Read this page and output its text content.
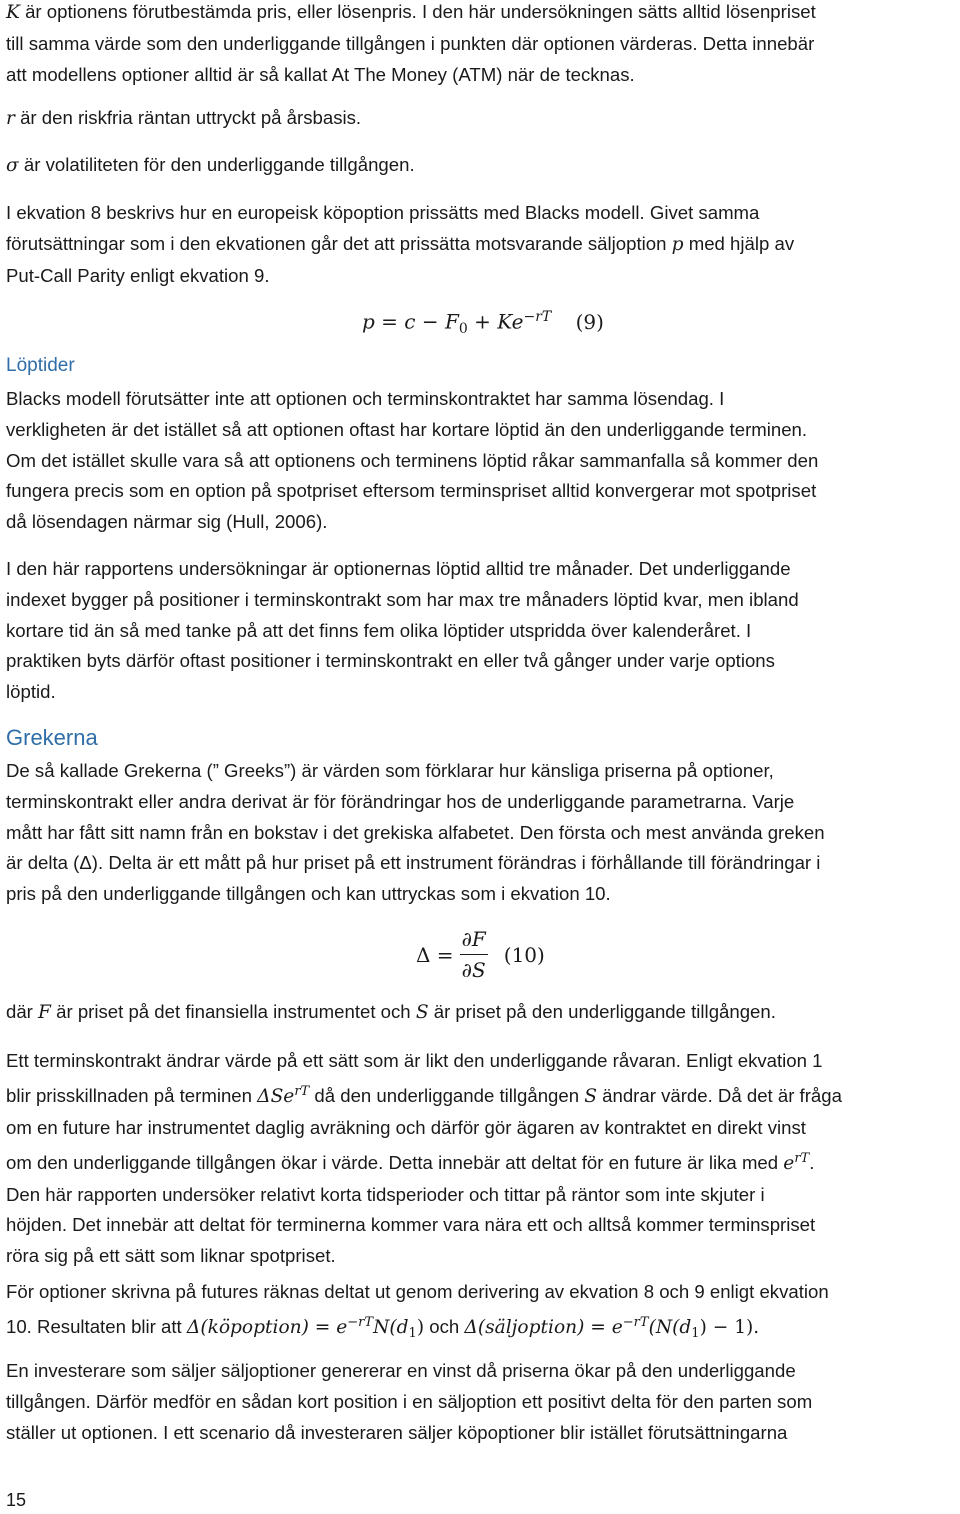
K är optionens förutbestämda pris, eller lösenpris. I den här undersökningen sätts alltid lösenpriset

till samma värde som den underliggande tillgången i punkten där optionen värderas. Detta innebär

att modellens optioner alltid är så kallat At The Money (ATM) när de tecknas.

r är den riskfria räntan uttryckt på årsbasis.

σ är volatiliteten för den underliggande tillgången.

I ekvation 8 beskrivs hur en europeisk köpoption prissätts med Blacks modell. Givet samma

förutsättningar som i den ekvationen går det att prissätta motsvarande säljoption p med hjälp av

Put-Call Parity enligt ekvation 9.

$p = c - F_0 + Ke^{-rT}$ (9)
Löptider

Blacks modell förutsätter inte att optionen och terminskontraktet har samma lösendag. I

verkligheten är det istället så att optionen oftast har kortare löptid än den underliggande terminen.

Om det istället skulle vara så att optionens och terminens löptid råkar sammanfalla så kommer den

fungera precis som en option på spotpriset eftersom terminspriset alltid konvergerar mot spotpriset

då lösendagen närmar sig (Hull, 2006).

I den här rapportens undersökningar är optionernas löptid alltid tre månader. Det underliggande

indexet bygger på positioner i terminskontrakt som har max tre månaders löptid kvar, men ibland

kortare tid än så med tanke på att det finns fem olika löptider utspridda över kalenderåret. I

praktiken byts därför oftast positioner i terminskontrakt en eller två gånger under varje options

löptid.

Grekerna

De så kallade Grekerna (” Greeks”) är värden som förklarar hur känsliga priserna på optioner,

terminskontrakt eller andra derivat är för förändringar hos de underliggande parametrarna. Varje

mått har fått sitt namn från en bokstav i det grekiska alfabetet. Den första och mest använda greken

är delta (Δ). Delta är ett mått på hur priset på ett instrument förändras i förhållande till förändringar i

pris på den underliggande tillgången och kan uttryckas som i ekvation 10.

$\Delta = \frac{\partial F}{\partial S} (10)$

där F är priset på det finansiella instrumentet och S är priset på den underliggande tillgången.

Ett terminskontrakt ändrar värde på ett sätt som är likt den underliggande råvaran. Enligt ekvation 1

blir prisskillnaden på terminen ΔSe$^{rT}$ då den underliggande tillgången S ändrar värde. Då det är fråga

om en future har instrumentet daglig avräkning och därför gör ägaren av kontraktet en direkt vinst

om den underliggande tillgången ökar i värde. Detta innebär att deltat för en future är lika med $e^{rT}$.

Den här rapporten undersöker relativt korta tidsperioder och tittar på räntor som inte skjuter i

höjden. Det innebär att deltat för terminerna kommer vara nära ett och alltså kommer terminspriset

röra sig på ett sätt som liknar spotpriset.

För optioner skrivna på futures räknas deltat ut genom derivering av ekvation 8 och 9 enligt ekvation

10. Resultaten blir att Δ(köpoption) = $e^{-rT}N(d_1)$ och Δ(säljoption) = $e^{-rT}(N(d_1) - 1)$.

En investerare som säljer säljoptioner genererar en vinst då priserna ökar på den underliggande

tillgången. Därför medför en sådan kort position i en säljoption ett positivt delta för den parten som

ställer ut optionen. I ett scenario då investeraren säljer köpoptioner blir istället förutsättningarna

15
